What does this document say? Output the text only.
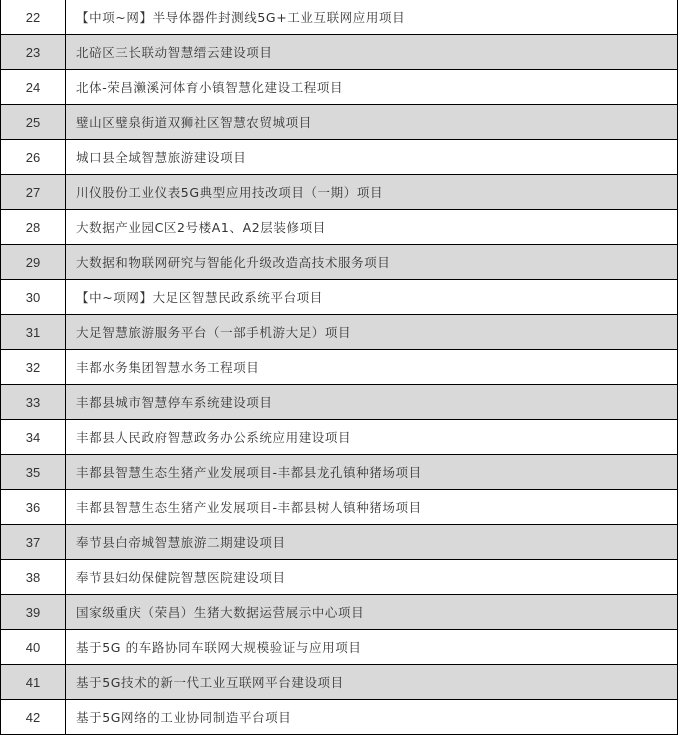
22	【中项~网】半导体器件封测线5G+工业互联网应用项目
23	北碚区三长联动智慧缙云建设项目
24	北体-荣昌濑溪河体育小镇智慧化建设工程项目
25	璧山区璧泉街道双狮社区智慧农贸城项目
26	城口县全域智慧旅游建设项目
27	川仪股份工业仪表5G典型应用技改项目（一期）项目
28	大数据产业园C区2号楼A1、A2层装修项目
29	大数据和物联网研究与智能化升级改造高技术服务项目
30	【中~项网】大足区智慧民政系统平台项目
31	大足智慧旅游服务平台（一部手机游大足）项目
32	丰都水务集团智慧水务工程项目
33	丰都县城市智慧停车系统建设项目
34	丰都县人民政府智慧政务办公系统应用建设项目
35	丰都县智慧生态生猪产业发展项目-丰都县龙孔镇种猪场项目
36	丰都县智慧生态生猪产业发展项目-丰都县树人镇种猪场项目
37	奉节县白帝城智慧旅游二期建设项目
38	奉节县妇幼保健院智慧医院建设项目
39	国家级重庆（荣昌）生猪大数据运营展示中心项目
40	基于5G 的车路协同车联网大规模验证与应用项目
41	基于5G技术的新一代工业互联网平台建设项目
42	基于5G网络的工业协同制造平台项目
